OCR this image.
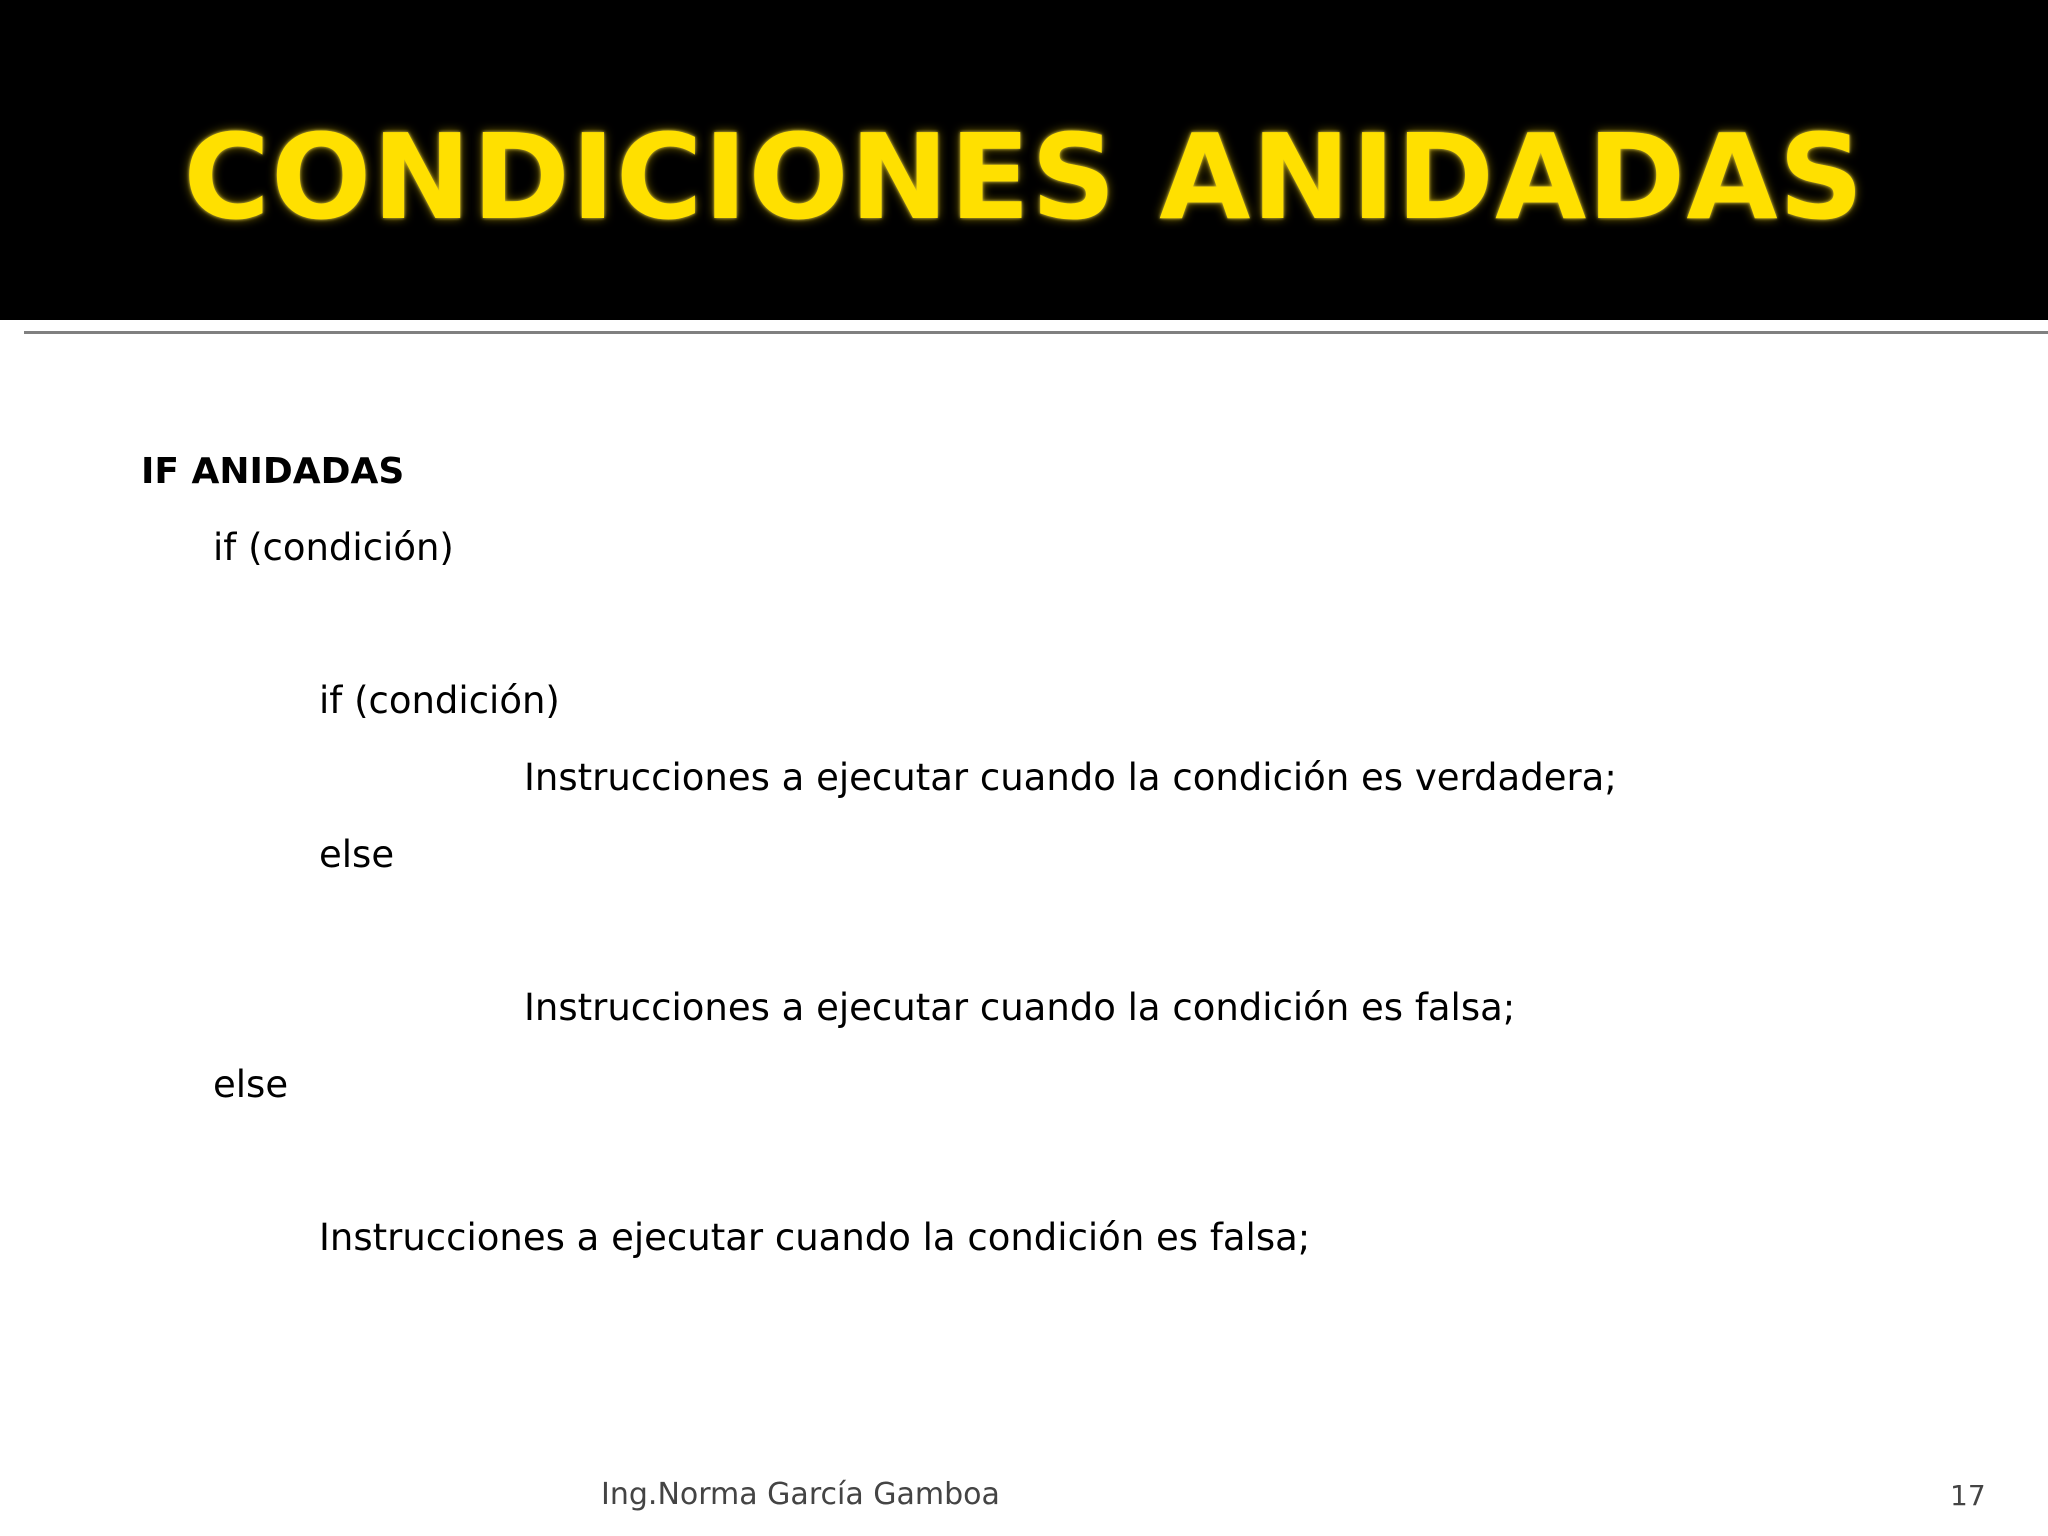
CONDICIONES ANIDADAS
IF ANIDADAS
if (condición)
if (condición)
Instrucciones a ejecutar cuando la condición es verdadera;
else
Instrucciones a ejecutar cuando la condición es falsa;
else
Instrucciones a ejecutar cuando la condición es falsa;
Ing.Norma García Gamboa	17
